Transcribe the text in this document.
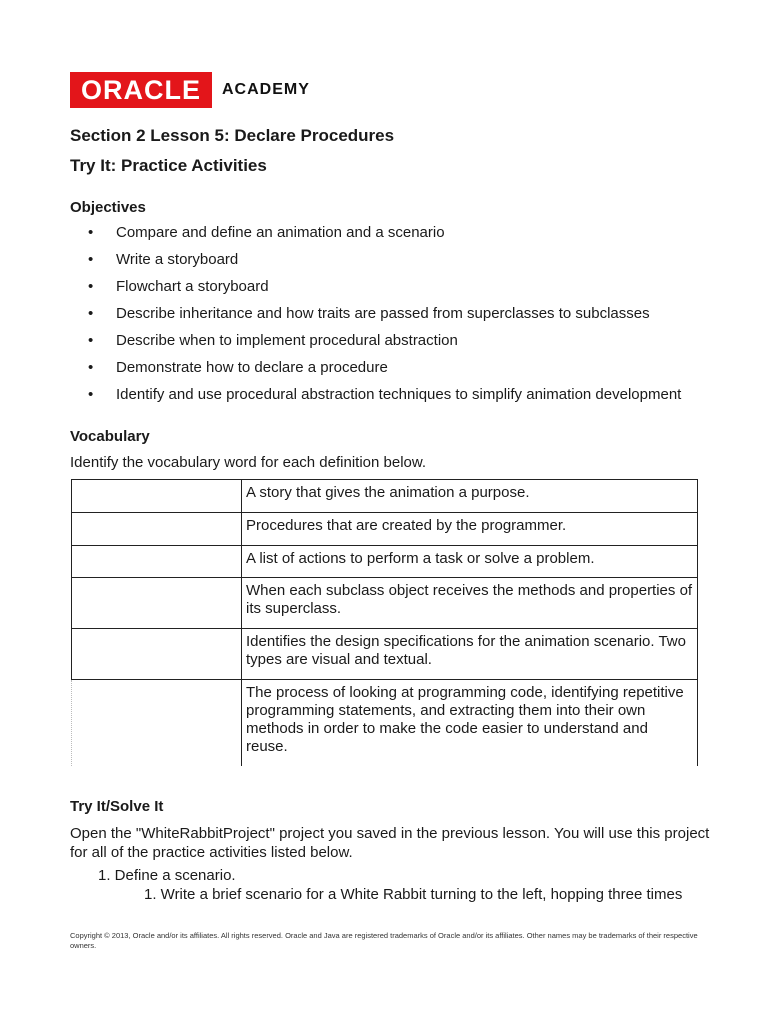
ORACLE	ACADEMY
Section 2 Lesson 5: Declare Procedures
Try It: Practice Activities
Objectives
•	Compare and define an animation and a scenario
•	Write a storyboard
•	Flowchart a storyboard
•	Describe inheritance and how traits are passed from superclasses to subclasses
•	Describe when to implement procedural abstraction
•	Demonstrate how to declare a procedure
•	Identify and use procedural abstraction techniques to simplify animation development
Vocabulary
Identify the vocabulary word for each definition below.
	A story that gives the animation a purpose.
	Procedures that are created by the programmer.
	A list of actions to perform a task or solve a problem.
	When each subclass object receives the methods and properties of its superclass.
	Identifies the design specifications for the animation scenario. Two types are visual and textual.
	The process of looking at programming code, identifying repetitive programming statements, and extracting them into their own methods in order to make the code easier to understand and reuse.
Try It/Solve It
Open the "WhiteRabbitProject" project you saved in the previous lesson. You will use this project for all of the practice activities listed below.
1. Define a scenario.
1. Write a brief scenario for a White Rabbit turning to the left, hopping three times
Copyright © 2013, Oracle and/or its affiliates. All rights reserved. Oracle and Java are registered trademarks of Oracle and/or its affiliates. Other names may be trademarks of their respective owners.
